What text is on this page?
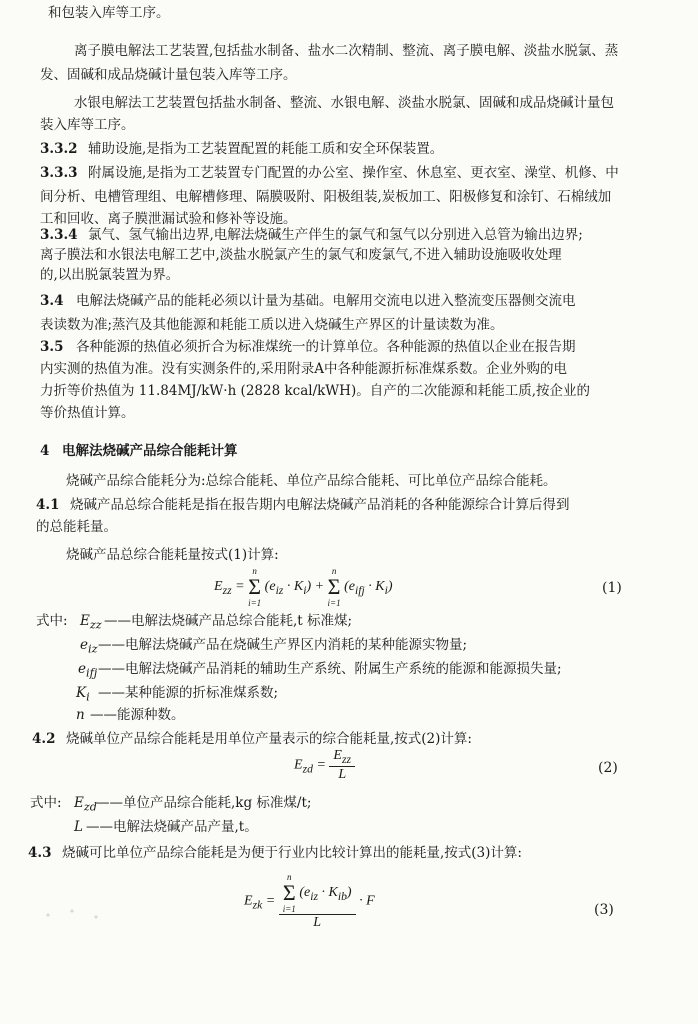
和包装入库等工序。
离子膜电解法工艺装置,包括盐水制备、盐水二次精制、整流、离子膜电解、淡盐水脱氯、蒸
发、固碱和成品烧碱计量包装入库等工序。
水银电解法工艺装置包括盐水制备、整流、水银电解、淡盐水脱氯、固碱和成品烧碱计量包
装入库等工序。
3.3.2 辅助设施,是指为工艺装置配置的耗能工质和安全环保装置。
3.3.3 附属设施,是指为工艺装置专门配置的办公室、操作室、休息室、更衣室、澡堂、机修、中
间分析、电槽管理组、电解槽修理、隔膜吸附、阳极组装,炭板加工、阳极修复和涂钉、石棉绒加
工和回收、离子膜泄漏试验和修补等设施。
3.3.4 氯气、氢气输出边界,电解法烧碱生产伴生的氯气和氢气以分别进入总管为输出边界;
离子膜法和水银法电解工艺中,淡盐水脱氯产生的氯气和废氯气,不进入辅助设施吸收处理
的,以出脱氯装置为界。
3.4 电解法烧碱产品的能耗必须以计量为基础。电解用交流电以进入整流变压器侧交流电
表读数为准;蒸汽及其他能源和耗能工质以进入烧碱生产界区的计量读数为准。
3.5 各种能源的热值必须折合为标准煤统一的计算单位。各种能源的热值以企业在报告期
内实测的热值为准。没有实测条件的,采用附录A中各种能源折标准煤系数。企业外购的电
力折等价热值为 11.84MJ/kW·h (2828 kcal/kWH)。自产的二次能源和耗能工质,按企业的
等价热值计算。
4 电解法烧碱产品综合能耗计算
烧碱产品综合能耗分为:总综合能耗、单位产品综合能耗、可比单位产品综合能耗。
4.1 烧碱产品总综合能耗是指在报告期内电解法烧碱产品消耗的各种能源综合计算后得到
的总能耗量。
烧碱产品总综合能耗量按式(1)计算:
$E_{zz}$ =
n
Σ
i=1
$(e_{iz} \cdot K_i)$ +
n
Σ
i=1
$(e_{ifj} \cdot K_i)$	(1)
式中: $E_{zz}$ ——电解法烧碱产品总综合能耗,t 标准煤;
$e_{iz}$ ——电解法烧碱产品在烧碱生产界区内消耗的某种能源实物量;
$e_{ifj}$ ——电解法烧碱产品消耗的辅助生产系统、附属生产系统的能源和能源损失量;
$K_i$ ——某种能源的折标准煤系数;
n ——能源种数。
4.2 烧碱单位产品综合能耗是用单位产量表示的综合能耗量,按式(2)计算:
$E_{zd} = \frac{E_{zz}}{L}$	(2)
式中: $E_{zd}$ ——单位产品综合能耗,kg 标准煤/t;
L ——电解法烧碱产品产量,t。
4.3 烧碱可比单位产品综合能耗是为便于行业内比较计算出的能耗量,按式(3)计算:
$E_{zk} = n$
Σ
i=1
$(e_{iz} \cdot K_{ib})$
L · F
(3)
